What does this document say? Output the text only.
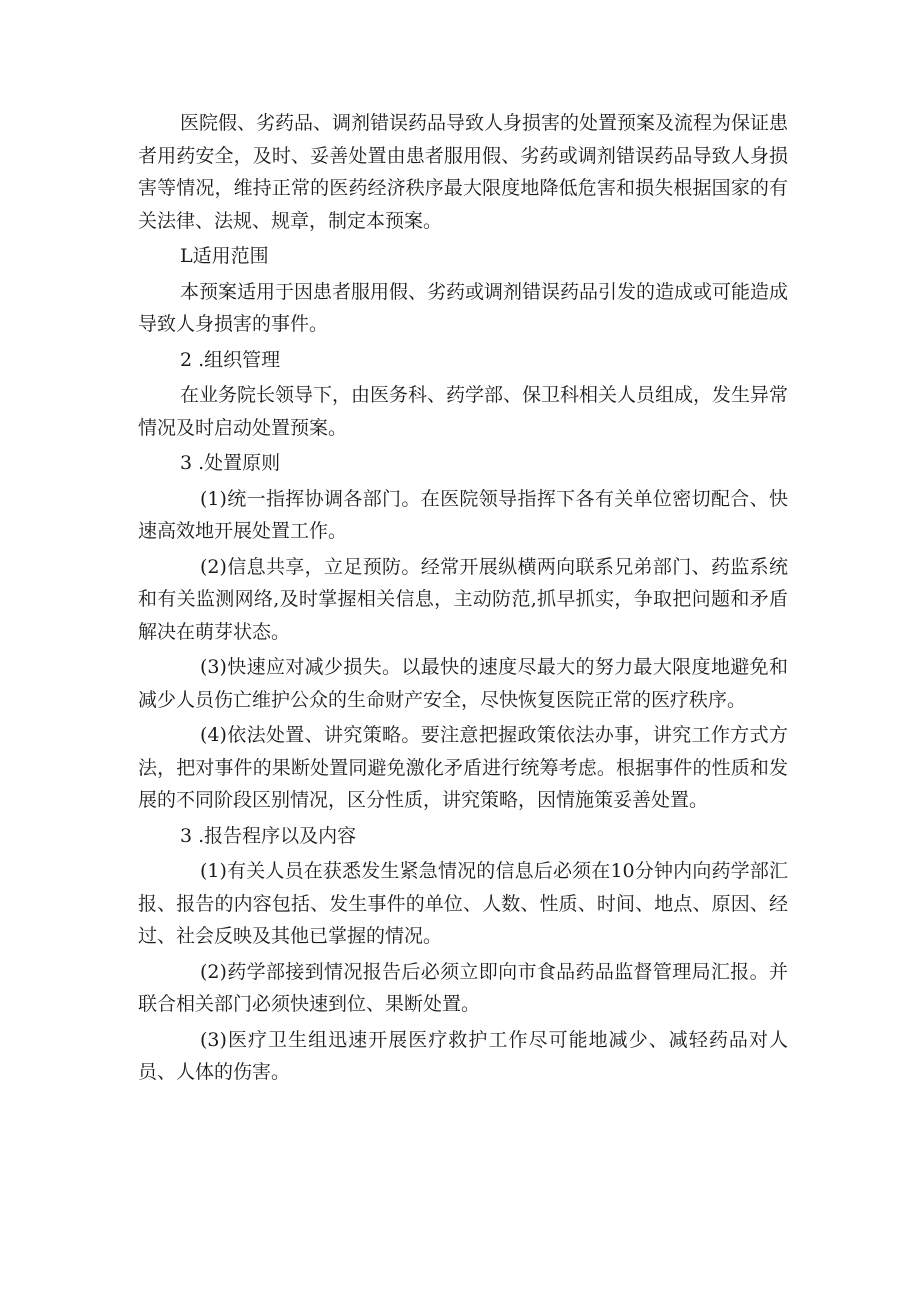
医院假、劣药品、调剂错误药品导致人身损害的处置预案及流程为保证患者用药安全，及时、妥善处置由患者服用假、劣药或调剂错误药品导致人身损害等情况，维持正常的医药经济秩序最大限度地降低危害和损失根据国家的有关法律、法规、规章，制定本预案。

L适用范围

本预案适用于因患者服用假、劣药或调剂错误药品引发的造成或可能造成导致人身损害的事件。

2 .组织管理

在业务院长领导下，由医务科、药学部、保卫科相关人员组成，发生异常情况及时启动处置预案。

3 .处置原则

(1)统一指挥协调各部门。在医院领导指挥下各有关单位密切配合、快速高效地开展处置工作。

(2)信息共享，立足预防。经常开展纵横两向联系兄弟部门、药监系统和有关监测网络,及时掌握相关信息，主动防范,抓早抓实，争取把问题和矛盾解决在萌芽状态。

(3)快速应对减少损失。以最快的速度尽最大的努力最大限度地避免和减少人员伤亡维护公众的生命财产安全，尽快恢复医院正常的医疗秩序。

(4)依法处置、讲究策略。要注意把握政策依法办事，讲究工作方式方法，把对事件的果断处置同避免激化矛盾进行统筹考虑。根据事件的性质和发展的不同阶段区别情况，区分性质，讲究策略，因情施策妥善处置。

3 .报告程序以及内容

(1)有关人员在获悉发生紧急情况的信息后必须在10分钟内向药学部汇报、报告的内容包括、发生事件的单位、人数、性质、时间、地点、原因、经过、社会反映及其他已掌握的情况。

(2)药学部接到情况报告后必须立即向市食品药品监督管理局汇报。并联合相关部门必须快速到位、果断处置。

(3)医疗卫生组迅速开展医疗救护工作尽可能地减少、减轻药品对人员、人体的伤害。
